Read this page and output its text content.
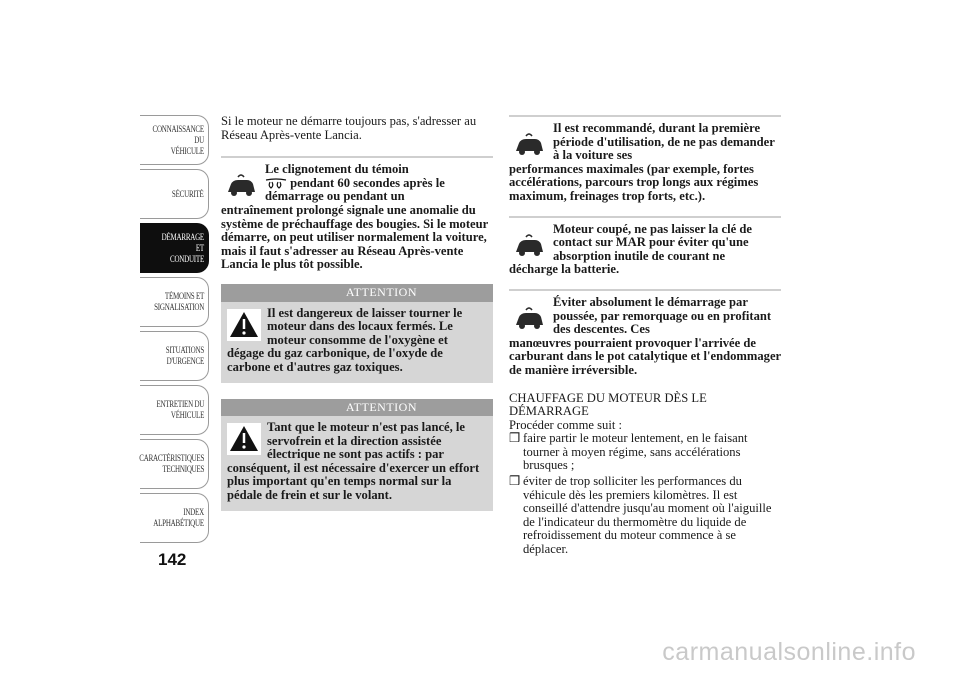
CONNAISSANCE DU
VÉHICULE
SÉCURITÉ
DÉMARRAGE ET
CONDUITE
TÉMOINS ET
SIGNALISATION
SITUATIONS
D'URGENCE
ENTRETIEN DU
VÉHICULE
CARACTÉRISTIQUES
TECHNIQUES
INDEX
ALPHABÉTIQUE
142

Si le moteur ne démarre toujours pas, s'adresser au Réseau Après-vente Lancia.

Le clignotement du témoin
pendant 60 secondes après le démarrage ou pendant un
entraînement prolongé signale une anomalie du système de préchauffage des bougies. Si le moteur démarre, on peut utiliser normalement la voiture, mais il faut s'adresser au Réseau Après-vente Lancia le plus tôt possible.
ATTENTION
Il est dangereux de laisser tourner le moteur dans des locaux fermés. Le
moteur consomme de l'oxygène et dégage du gaz carbonique, de l'oxyde de carbone et d'autres gaz toxiques.
ATTENTION
Tant que le moteur n'est pas lancé, le servofrein et la direction assistée
électrique ne sont pas actifs : par conséquent, il est nécessaire d'exercer un effort plus important qu'en temps normal sur la pédale de frein et sur le volant.
Il est recommandé, durant la première période d'utilisation, de ne pas demander à la voiture ses
performances maximales (par exemple, fortes accélérations, parcours trop longs aux régimes maximum, freinages trop forts, etc.).
Moteur coupé, ne pas laisser la clé de contact sur MAR pour éviter qu'une absorption inutile de courant ne
décharge la batterie.
Éviter absolument le démarrage par poussée, par remorquage ou en profitant des descentes. Ces
manœuvres pourraient provoquer l'arrivée de carburant dans le pot catalytique et l'endommager de manière irréversible.

CHAUFFAGE DU MOTEUR DÈS LE DÉMARRAGE

Procéder comme suit :

❒ faire partir le moteur lentement, en le faisant tourner à moyen régime, sans accélérations brusques ;
❒ éviter de trop solliciter les performances du véhicule dès les premiers kilomètres. Il est conseillé d'attendre jusqu'au moment où l'aiguille de l'indicateur du thermomètre du liquide de refroidissement du moteur commence à se déplacer.
carmanualsonline.info
